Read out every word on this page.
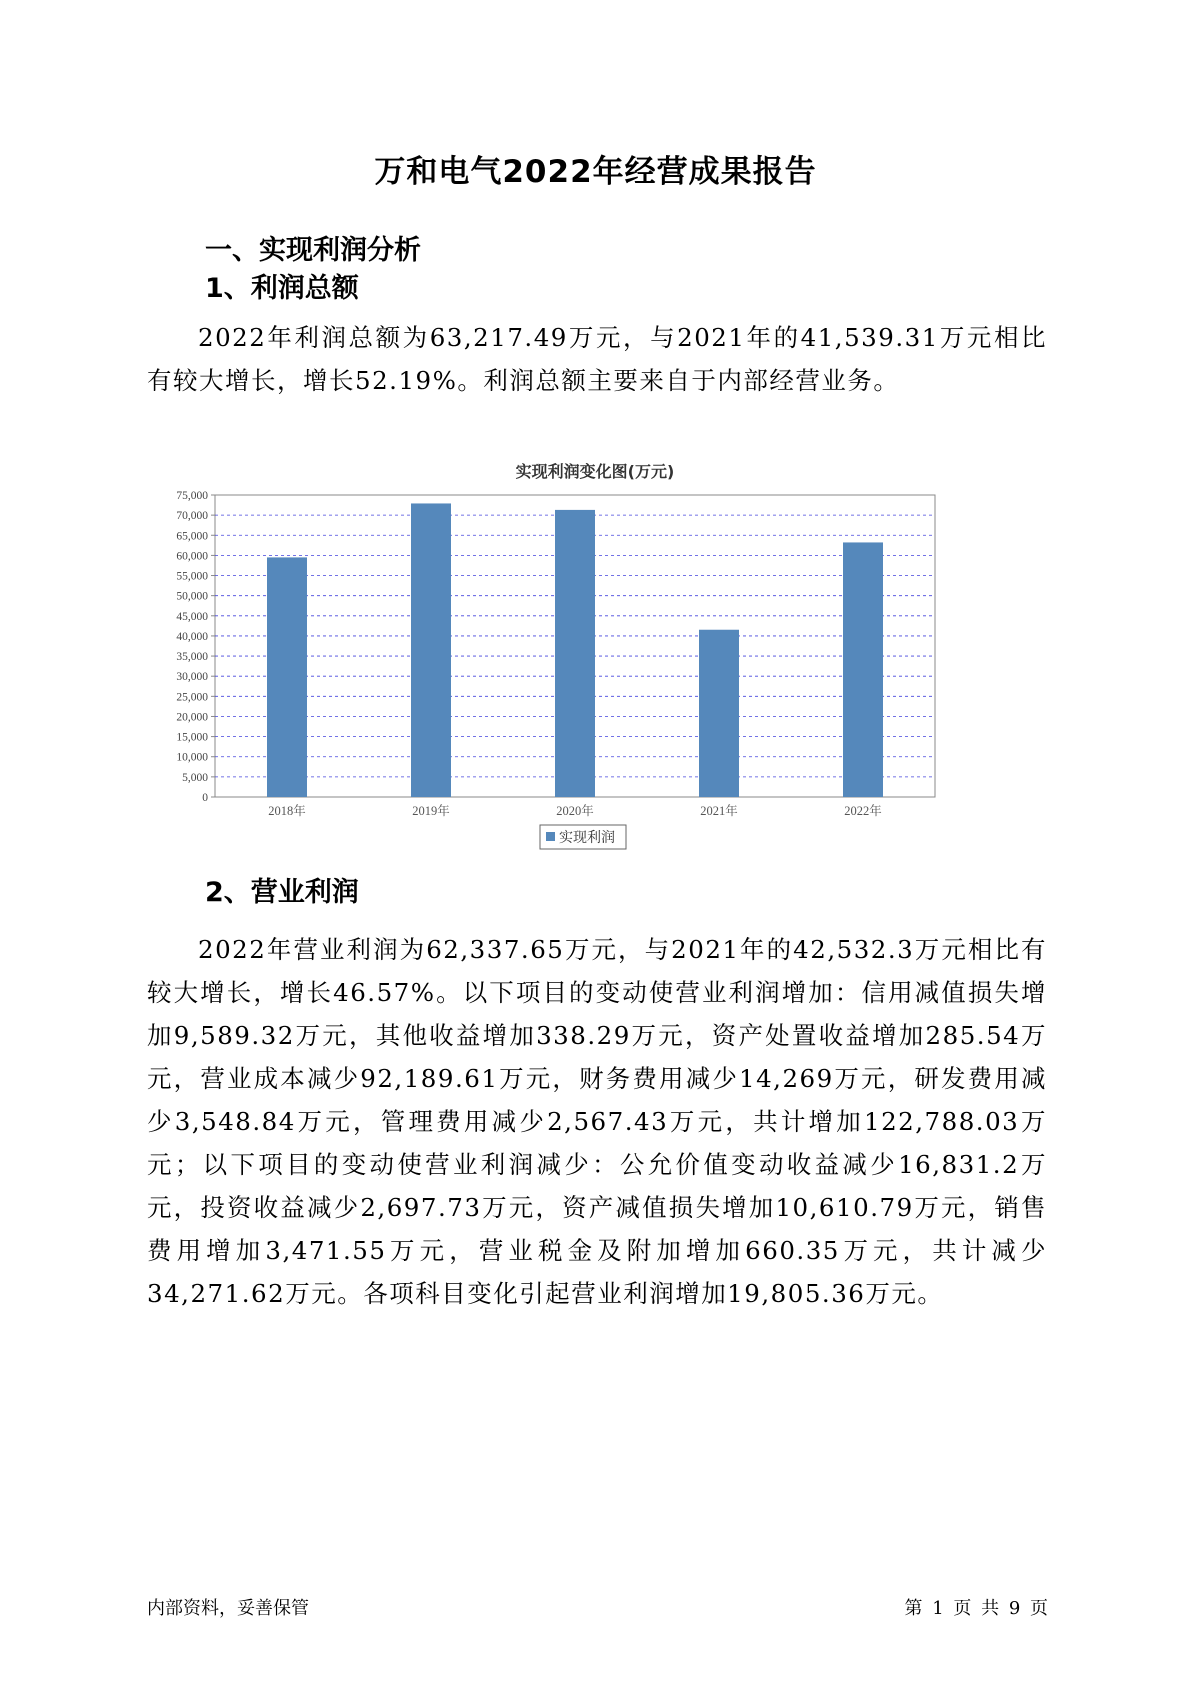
万和电气2022年经营成果报告
一、实现利润分析
1、利润总额
2022年利润总额为63,217.49万元，与2021年的41,539.31万元相比有较大增长，增长52.19%。利润总额主要来自于内部经营业务。
实现利润变化图(万元)
0
5,000
10,000
15,000
20,000
25,000
30,000
35,000
40,000
45,000
50,000
55,000
60,000
65,000
70,000
75,000
2018年	2019年	2020年	2021年	2022年
实现利润
2、营业利润
2022年营业利润为62,337.65万元，与2021年的42,532.3万元相比有较大增长，增长46.57%。以下项目的变动使营业利润增加：信用减值损失增加9,589.32万元，其他收益增加338.29万元，资产处置收益增加285.54万元，营业成本减少92,189.61万元，财务费用减少14,269万元，研发费用减少3,548.84万元，管理费用减少2,567.43万元，共计增加122,788.03万元；以下项目的变动使营业利润减少：公允价值变动收益减少16,831.2万元，投资收益减少2,697.73万元，资产减值损失增加10,610.79万元，销售费用增加3,471.55万元，营业税金及附加增加660.35万元，共计减少34,271.62万元。各项科目变化引起营业利润增加19,805.36万元。
内部资料，妥善保管	第 1 页 共 9 页
